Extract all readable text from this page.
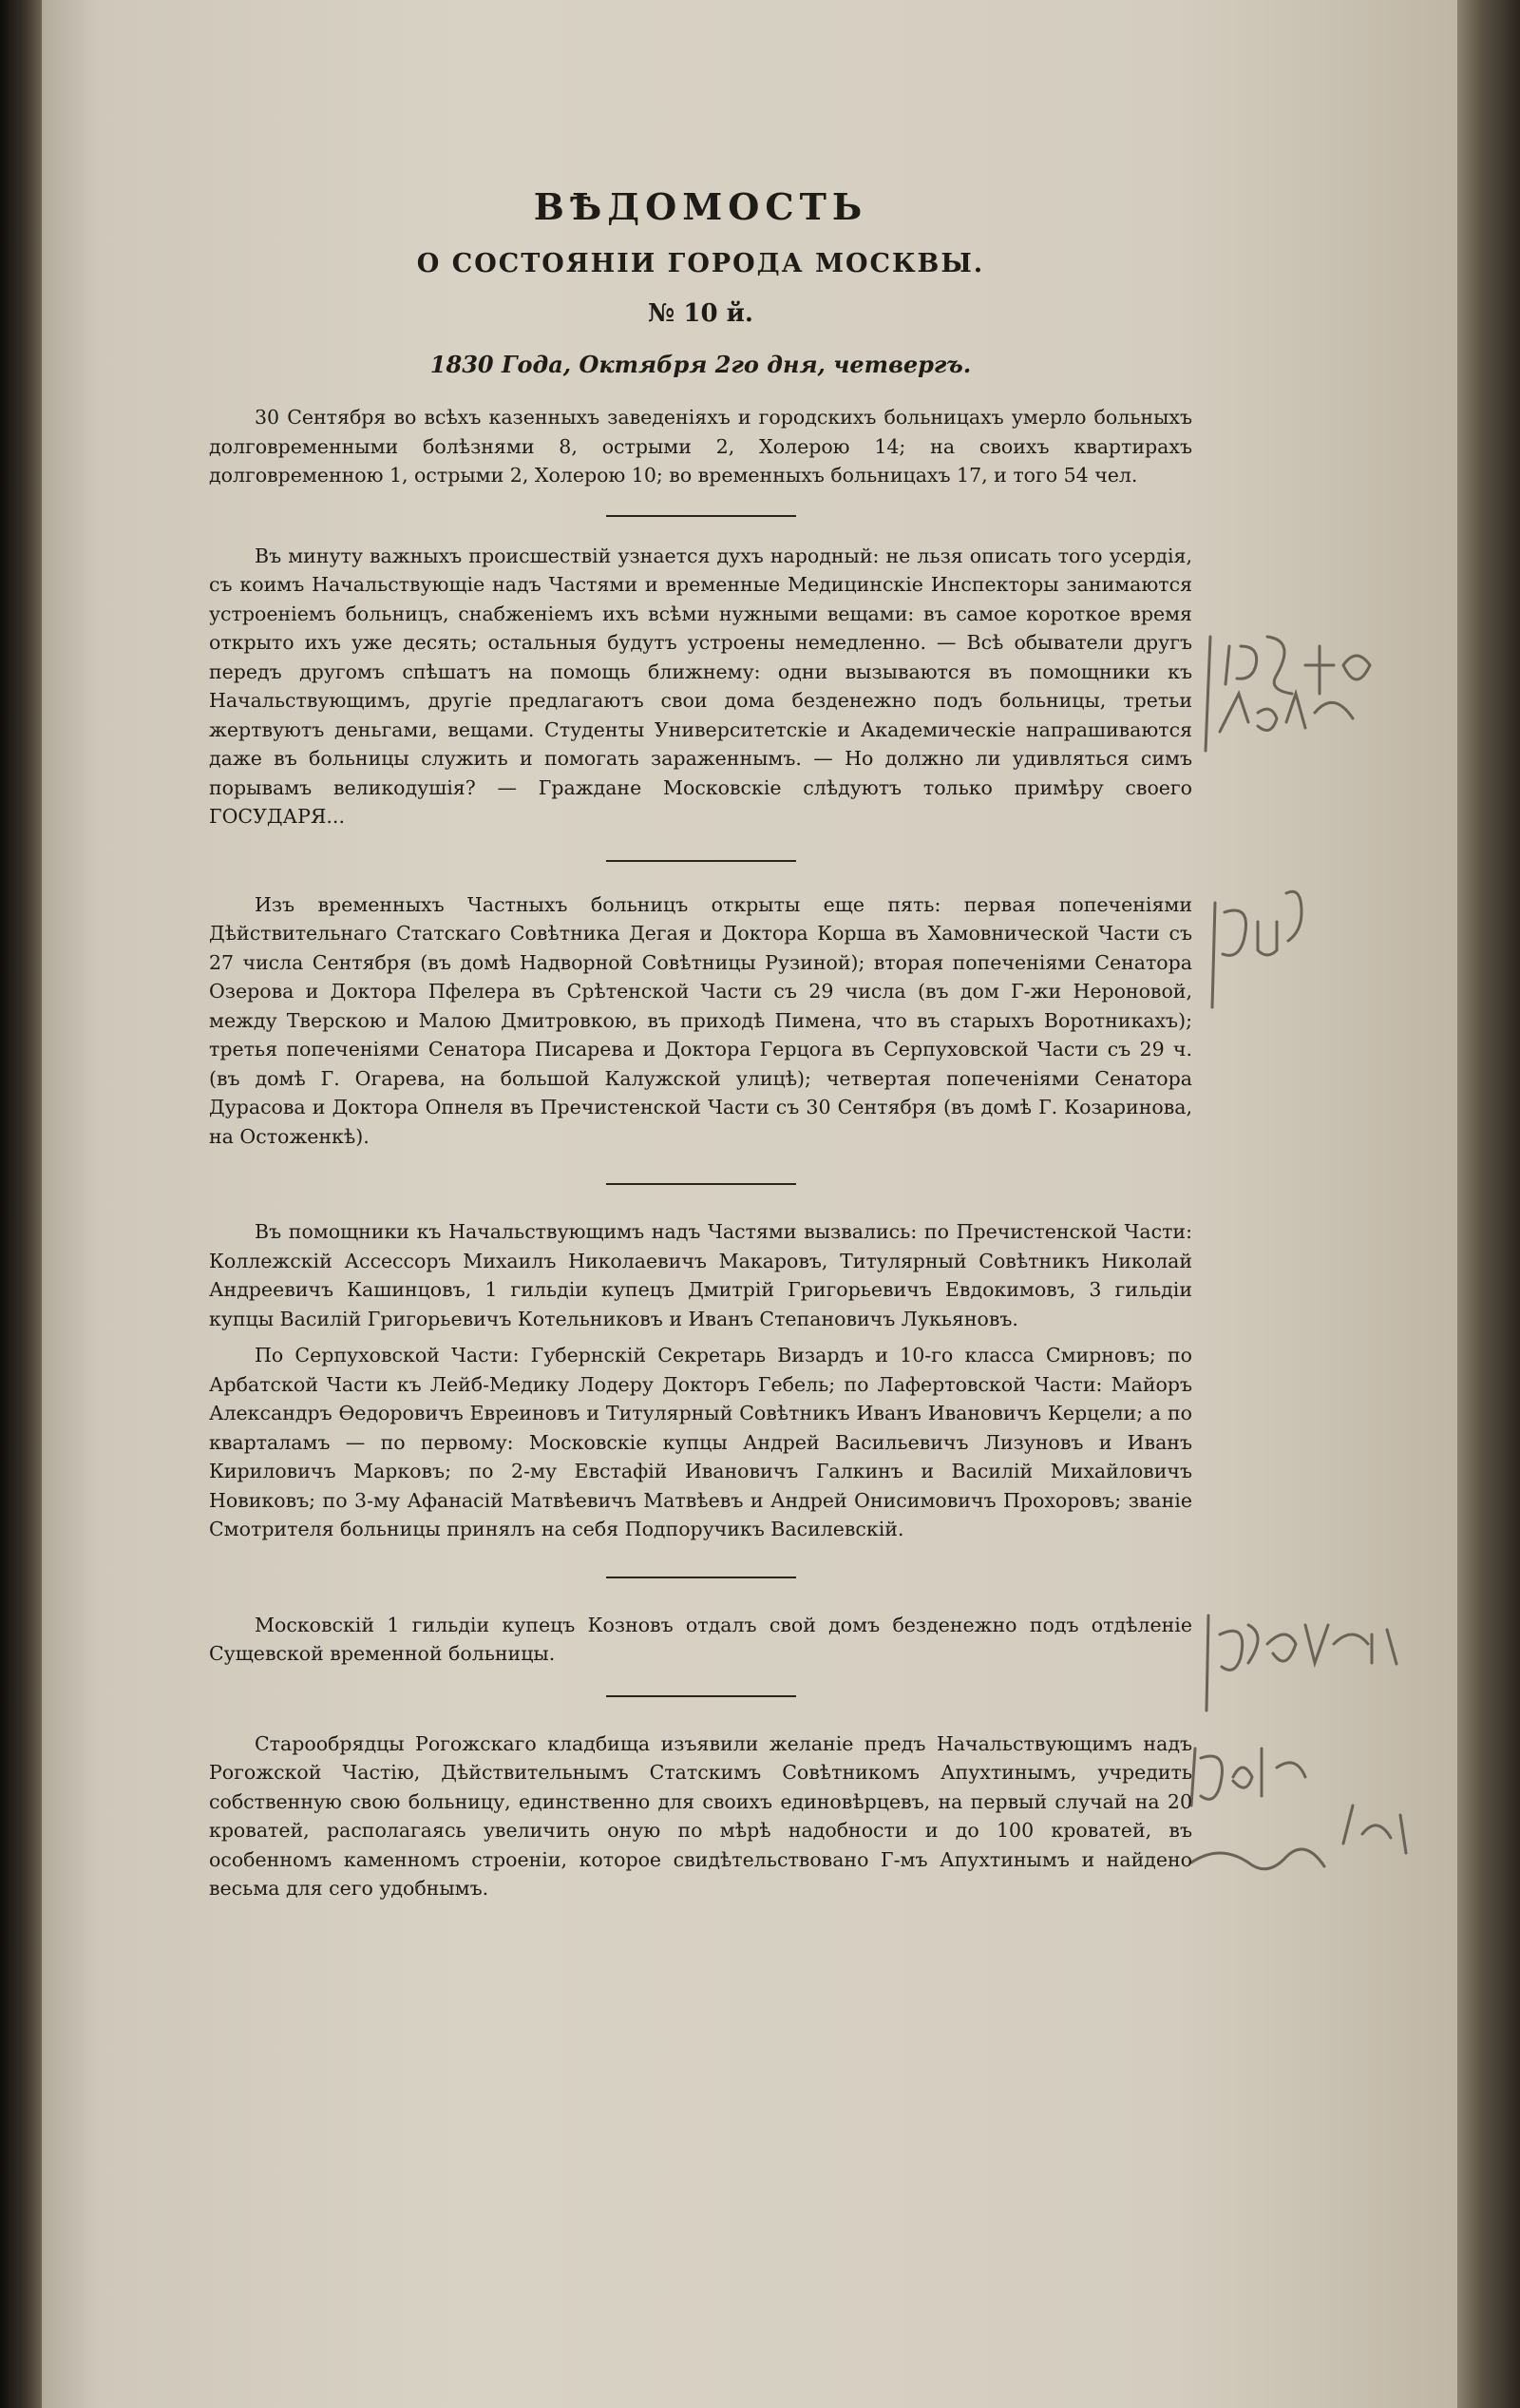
ВѢДОМОСТЬ
О СОСТОЯНІИ ГОРОДА МОСКВЫ.
№ 10 й.
1830 Года, Октября 2го дня, четвергъ.

30 Сентября во всѣхъ казенныхъ заведеніяхъ и городскихъ больницахъ умерло больныхъ долговременными болѣзнями 8, острыми 2, Холерою 14; на своихъ квартирахъ долговременною 1, острыми 2, Холерою 10; во временныхъ больницахъ 17, и того 54 чел.

Въ минуту важныхъ происшествій узнается духъ народный: не льзя описать того усердія, съ коимъ Начальствующіе надъ Частями и временные Медицинскіе Инспекторы занимаются устроеніемъ больницъ, снабженіемъ ихъ всѣми нужными вещами: въ самое короткое время открыто ихъ уже десять; остальныя будутъ устроены немедленно. — Всѣ обыватели другъ передъ другомъ спѣшатъ на помощь ближнему: одни вызываются въ помощники къ Начальствующимъ, другіе предлагаютъ свои дома безденежно подъ больницы, третьи жертвуютъ деньгами, вещами. Студенты Университетскіе и Академическіе напрашиваются даже въ больницы служить и помогать зараженнымъ. — Но должно ли удивляться симъ порывамъ великодушія? — Граждане Московскіе слѣдуютъ только примѣру своего ГОСУДАРЯ...

Изъ временныхъ Частныхъ больницъ открыты еще пять: первая попеченіями Дѣйствительнаго Статскаго Совѣтника Дегая и Доктора Корша въ Хамовнической Части съ 27 числа Сентября (въ домѣ Надворной Совѣтницы Рузиной); вторая попеченіями Сенатора Озерова и Доктора Пфелера въ Срѣтенской Части съ 29 числа (въ дом Г-жи Нероновой, между Тверскою и Малою Дмитровкою, въ приходѣ Пимена, что въ старыхъ Воротникахъ); третья попеченіями Сенатора Писарева и Доктора Герцога въ Серпуховской Части съ 29 ч. (въ домѣ Г. Огарева, на большой Калужской улицѣ); четвертая попеченіями Сенатора Дурасова и Доктора Опнеля въ Пречистенской Части съ 30 Сентября (въ домѣ Г. Козаринова, на Остоженкѣ).

Въ помощники къ Начальствующимъ надъ Частями вызвались: по Пречистенской Части: Коллежскій Ассессоръ Михаилъ Николаевичъ Макаровъ, Титулярный Совѣтникъ Николай Андреевичъ Кашинцовъ, 1 гильдіи купецъ Дмитрій Григорьевичъ Евдокимовъ, 3 гильдіи купцы Василій Григорьевичъ Котельниковъ и Иванъ Степановичъ Лукьяновъ.

По Серпуховской Части: Губернскій Секретарь Визардъ и 10-го класса Смирновъ; по Арбатской Части къ Лейб-Медику Лодеру Докторъ Гебель; по Лафертовской Части: Майоръ Александръ Ѳедоровичъ Евреиновъ и Титулярный Совѣтникъ Иванъ Ивановичъ Керцели; а по кварталамъ — по первому: Московскіе купцы Андрей Васильевичъ Лизуновъ и Иванъ Кириловичъ Марковъ; по 2-му Евстафій Ивановичъ Галкинъ и Василій Михайловичъ Новиковъ; по 3-му Афанасій Матвѣевичъ Матвѣевъ и Андрей Онисимовичъ Прохоровъ; званіе Смотрителя больницы принялъ на себя Подпоручикъ Василевскій.

Московскій 1 гильдіи купецъ Козновъ отдалъ свой домъ безденежно подъ отдѣленіе Сущевской временной больницы.

Старообрядцы Рогожскаго кладбища изъявили желаніе предъ Начальствующимъ надъ Рогожской Частію, Дѣйствительнымъ Статскимъ Совѣтникомъ Апухтинымъ, учредить собственную свою больницу, единственно для своихъ единовѣрцевъ, на первый случай на 20 кроватей, располагаясь увеличить оную по мѣрѣ надобности и до 100 кроватей, въ особенномъ каменномъ строеніи, которое свидѣтельствовано Г-мъ Апухтинымъ и найдено весьма для сего удобнымъ.
